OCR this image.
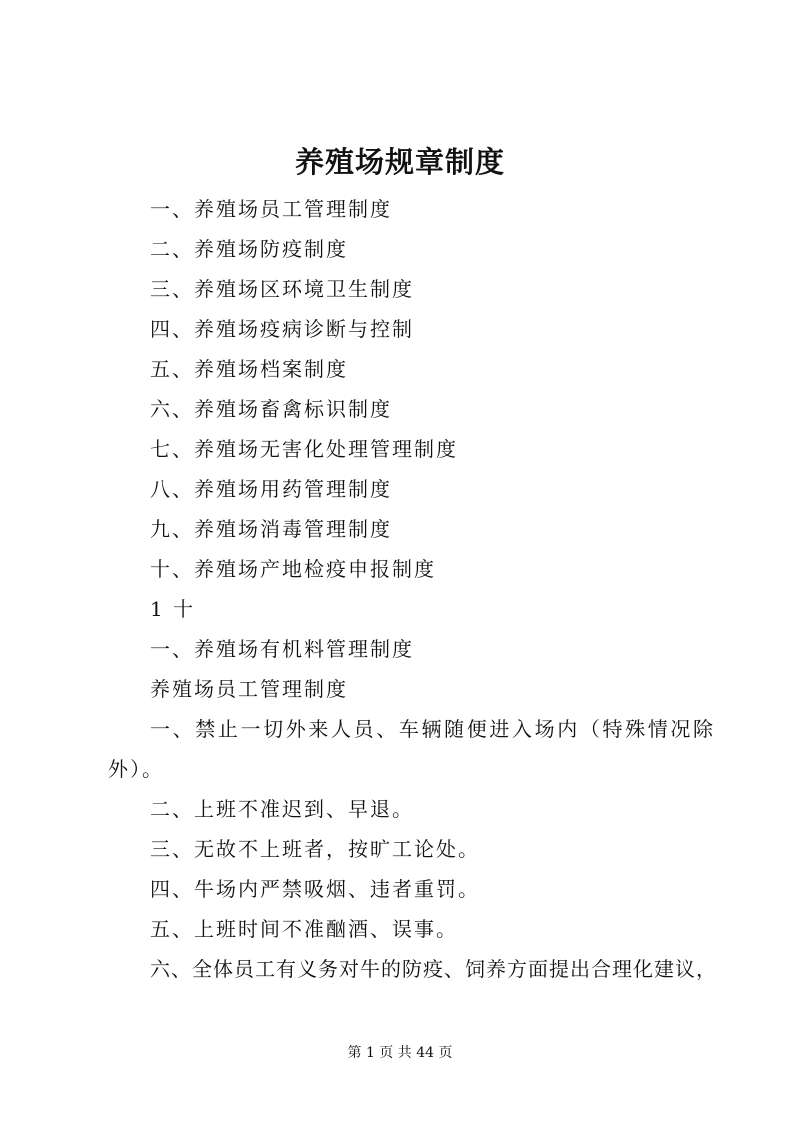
养殖场规章制度
一、养殖场员工管理制度
二、养殖场防疫制度
三、养殖场区环境卫生制度
四、养殖场疫病诊断与控制
五、养殖场档案制度
六、养殖场畜禽标识制度
七、养殖场无害化处理管理制度
八、养殖场用药管理制度
九、养殖场消毒管理制度
十、养殖场产地检疫申报制度
1 十
一、养殖场有机料管理制度
养殖场员工管理制度
一、禁止一切外来人员、车辆随便进入场内（特殊情况除
外）。
二、上班不准迟到、早退。
三、无故不上班者，按旷工论处。
四、牛场内严禁吸烟、违者重罚。
五、上班时间不准酗酒、误事。
六、全体员工有义务对牛的防疫、饲养方面提出合理化建议，
第 1 页 共 44 页
